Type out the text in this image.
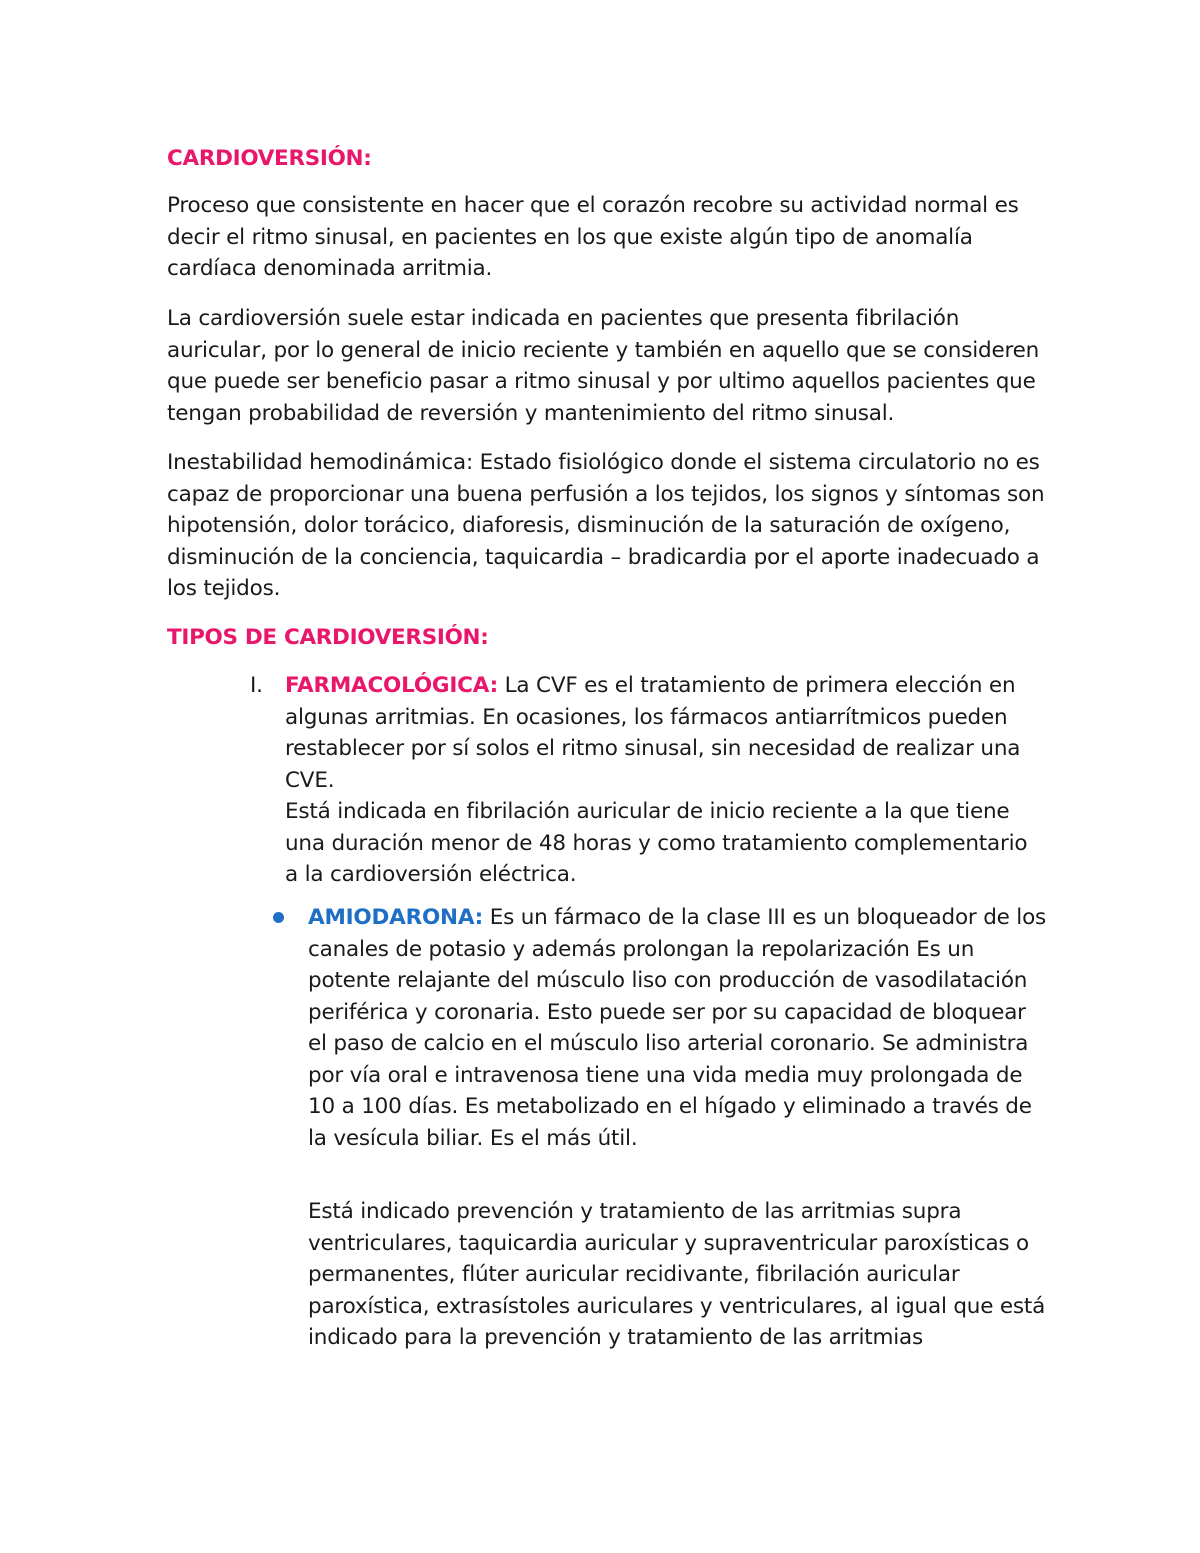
CARDIOVERSIÓN:

Proceso que consistente en hacer que el corazón recobre su actividad normal es decir el ritmo sinusal, en pacientes en los que existe algún tipo de anomalía cardíaca denominada arritmia.

La cardioversión suele estar indicada en pacientes que presenta fibrilación auricular, por lo general de inicio reciente y también en aquello que se consideren que puede ser beneficio pasar a ritmo sinusal y por ultimo aquellos pacientes que tengan probabilidad de reversión y mantenimiento del ritmo sinusal.

Inestabilidad hemodinámica: Estado fisiológico donde el sistema circulatorio no es capaz de proporcionar una buena perfusión a los tejidos, los signos y síntomas son hipotensión, dolor torácico, diaforesis, disminución de la saturación de oxígeno, disminución de la conciencia, taquicardia – bradicardia por el aporte inadecuado a los tejidos.

TIPOS DE CARDIOVERSIÓN:
I. FARMACOLÓGICA: La CVF es el tratamiento de primera elección en algunas arritmias. En ocasiones, los fármacos antiarrítmicos pueden restablecer por sí solos el ritmo sinusal, sin necesidad de realizar una CVE.

Está indicada en fibrilación auricular de inicio reciente a la que tiene una duración menor de 48 horas y como tratamiento complementario a la cardioversión eléctrica.

AMIODARONA: Es un fármaco de la clase III es un bloqueador de los canales de potasio y además prolongan la repolarización Es un potente relajante del músculo liso con producción de vasodilatación periférica y coronaria. Esto puede ser por su capacidad de bloquear el paso de calcio en el músculo liso arterial coronario. Se administra por vía oral e intravenosa tiene una vida media muy prolongada de 10 a 100 días. Es metabolizado en el hígado y eliminado a través de la vesícula biliar. Es el más útil.

Está indicado prevención y tratamiento de las arritmias supra ventriculares, taquicardia auricular y supraventricular paroxísticas o permanentes, flúter auricular recidivante, fibrilación auricular paroxística, extrasístoles auriculares y ventriculares, al igual que está indicado para la prevención y tratamiento de las arritmias
